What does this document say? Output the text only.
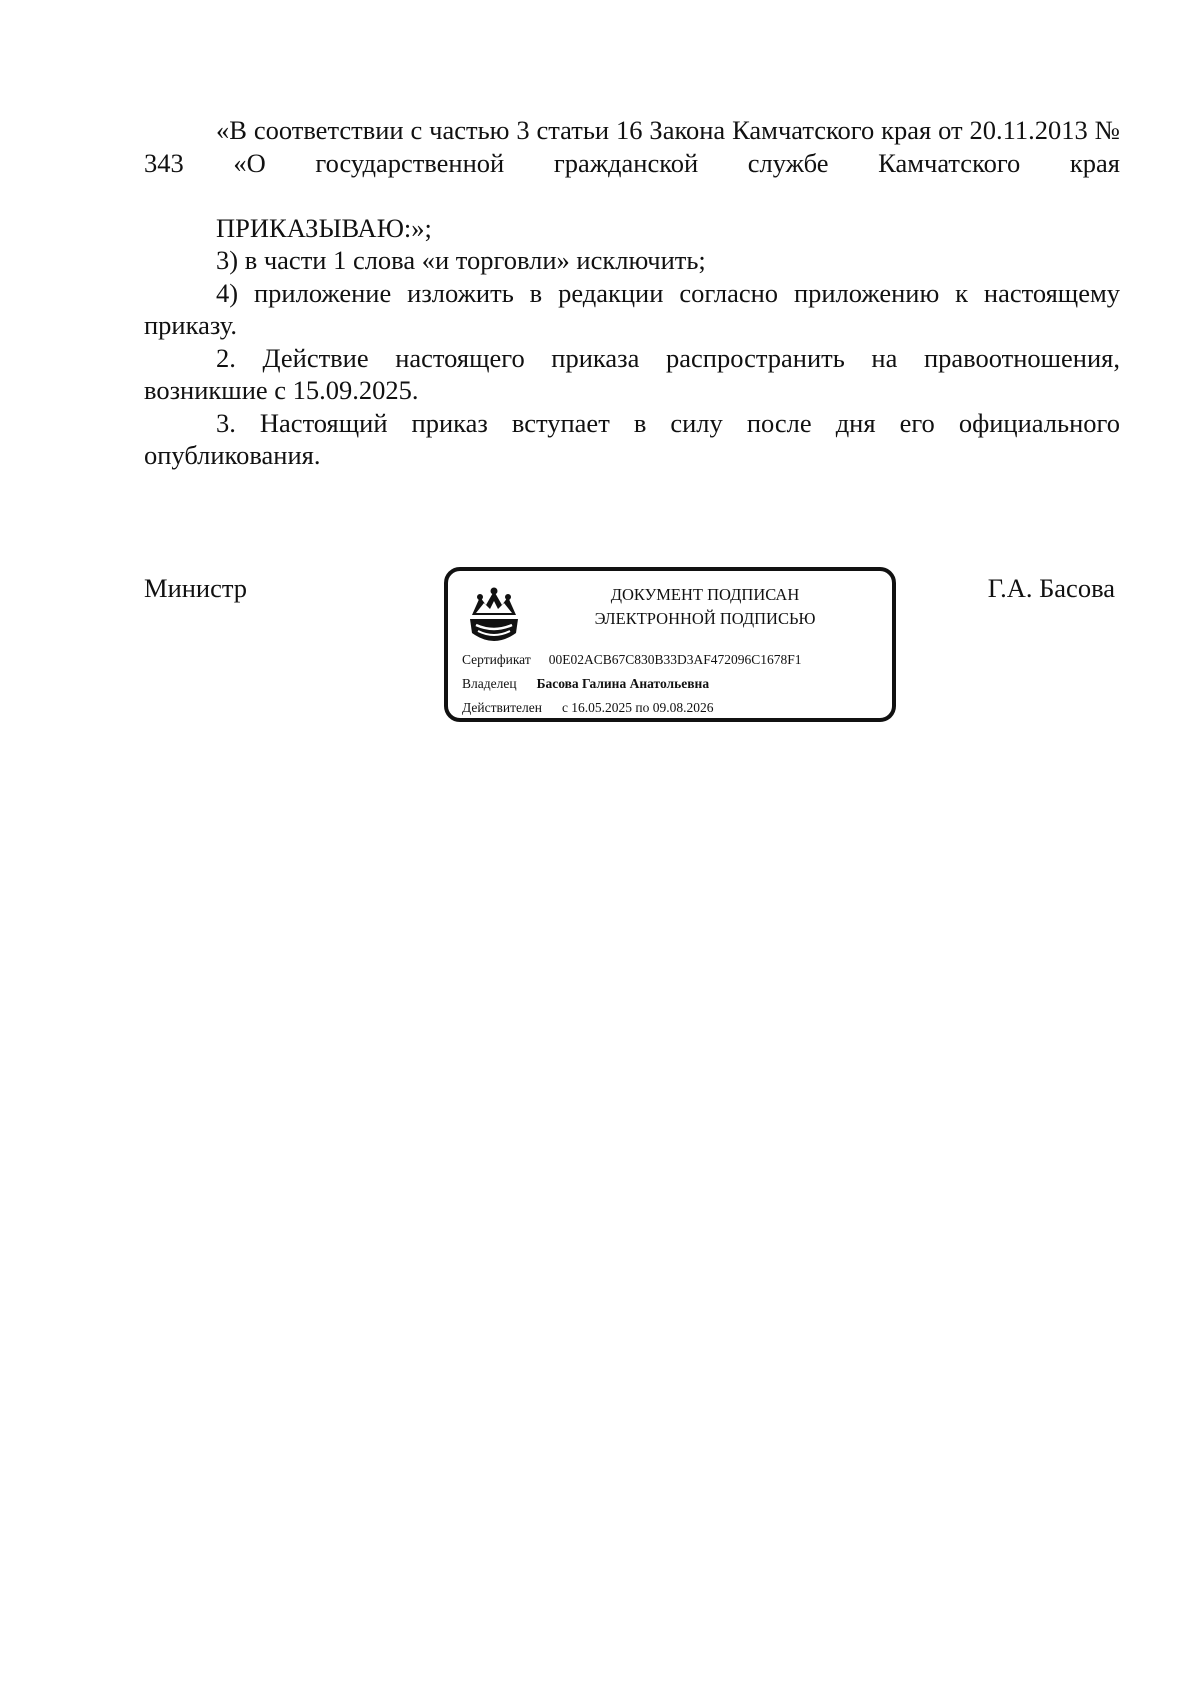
«В соответствии с частью 3 статьи 16 Закона Камчатского края от 20.11.2013 № 343 «О государственной гражданской службе Камчатского края

ПРИКАЗЫВАЮ:»;

3) в части 1 слова «и торговли» исключить;

4) приложение изложить в редакции согласно приложению к настоящему приказу.

2. Действие настоящего приказа распространить на правоотношения, возникшие с 15.09.2025.

3. Настоящий приказ вступает в силу после дня его официального опубликования.

Министр	ДОКУМЕНТ ПОДПИСАН
ЭЛЕКТРОННОЙ ПОДПИСЬЮ
Сертификат 00E02ACB67C830B33D3AF472096C1678F1
Владелец Басова Галина Анатольевна
Действителен с 16.05.2025 по 09.08.2026
Г.А. Басова
